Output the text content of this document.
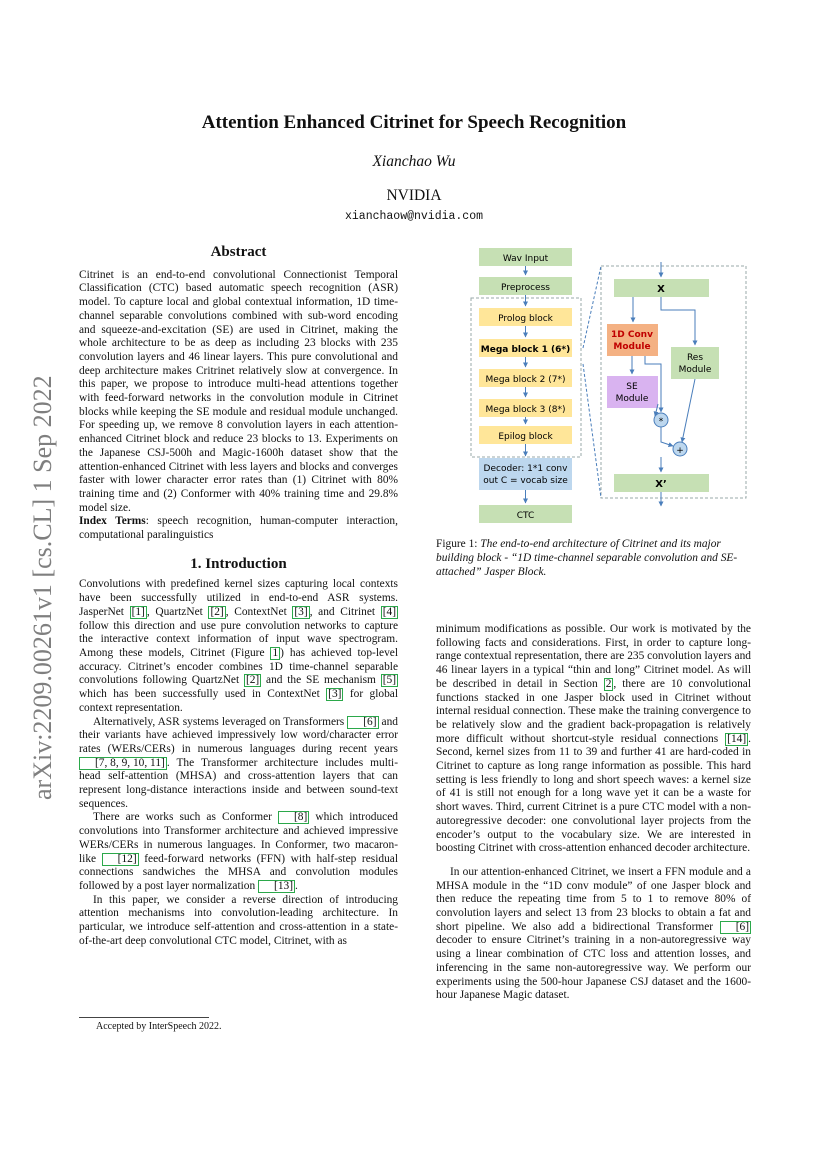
arXiv:2209.00261v1 [cs.CL] 1 Sep 2022
Attention Enhanced Citrinet for Speech Recognition
Xianchao Wu
NVIDIA
xianchaow@nvidia.com
Abstract

Citrinet is an end-to-end convolutional Connectionist Temporal Classification (CTC) based automatic speech recognition (ASR) model. To capture local and global contextual information, 1D time-channel separable convolutions combined with sub-word encoding and squeeze-and-excitation (SE) are used in Citrinet, making the whole architecture to be as deep as including 23 blocks with 235 convolution layers and 46 linear layers. This pure convolutional and deep architecture makes Critrinet relatively slow at convergence. In this paper, we propose to introduce multi-head attentions together with feed-forward networks in the convolution module in Citrinet blocks while keeping the SE module and residual module unchanged. For speeding up, we remove 8 convolution layers in each attention-enhanced Citrinet block and reduce 23 blocks to 13. Experiments on the Japanese CSJ-500h and Magic-1600h dataset show that the attention-enhanced Citrinet with less layers and blocks and converges faster with lower character error rates than (1) Citrinet with 80% training time and (2) Conformer with 40% training time and 29.8% model size.

Index Terms: speech recognition, human-computer interaction, computational paralinguistics

1. Introduction

Convolutions with predefined kernel sizes capturing local contexts have been successfully utilized in end-to-end ASR systems. JasperNet [1] , QuartzNet [2] , ContextNet [3] , and Citrinet [4] follow this direction and use pure convolution networks to capture the interactive context information of input wave spectrogram. Among these models, Citrinet (Figure 1 ) has achieved top-level accuracy. Citrinet’s encoder combines 1D time-channel separable convolutions following QuartzNet [2] and the SE mechanism [5] which has been successfully used in ContextNet [3] for global context representation.

Alternatively, ASR systems leveraged on Transformers [6] and their variants have achieved impressively low word/character error rates (WERs/CERs) in numerous languages during recent years [7, 8, 9, 10, 11] . The Transformer architecture includes multi-head self-attention (MHSA) and cross-attention layers that can represent long-distance interactions inside and between sound-text sequences.

There are works such as Conformer [8] which introduced convolutions into Transformer architecture and achieved impressive WERs/CERs in numerous languages. In Conformer, two macaron-like [12] feed-forward networks (FFN) with half-step residual connections sandwiches the MHSA and convolution modules followed by a post layer normalization [13] .

In this paper, we consider a reverse direction of introducing attention mechanisms into convolution-leading architecture. In particular, we introduce self-attention and cross-attention in a state-of-the-art deep convolutional CTC model, Citrinet, with as

Accepted by InterSpeech 2022.
Wav Input
Preprocess
Prolog block
Mega block 1 (6*)
Mega block 2 (7*)
Mega block 3 (8*)
Epilog block
Decoder: 1*1 conv
out C = vocab size
CTC
X
1D Conv
Module
Res
Module
SE
Module
*
+
X’
Figure 1: The end-to-end architecture of Citrinet and its major building block - “1D time-channel separable convolution and SE-attached” Jasper Block.

minimum modifications as possible. Our work is motivated by the following facts and considerations. First, in order to capture long-range contextual representation, there are 235 convolution layers and 46 linear layers in a typical “thin and long” Citrinet model. As will be described in detail in Section 2 , there are 10 convolutional functions stacked in one Jasper block used in Citrinet without internal residual connection. These make the training convergence to be relatively slow and the gradient back-propagation is relatively more difficult without shortcut-style residual connections [14] . Second, kernel sizes from 11 to 39 and further 41 are hard-coded in Citrinet to capture as long range information as possible. This hard setting is less friendly to long and short speech waves: a kernel size of 41 is still not enough for a long wave yet it can be a waste for short waves. Third, current Citrinet is a pure CTC model with a non-autoregressive decoder: one convolutional layer projects from the encoder’s output to the vocabulary size. We are interested in boosting Citrinet with cross-attention enhanced decoder architecture.

In our attention-enhanced Citrinet, we insert a FFN module and a MHSA module in the “1D conv module” of one Jasper block and then reduce the repeating time from 5 to 1 to remove 80% of convolution layers and select 13 from 23 blocks to obtain a fat and short pipeline. We also add a bidirectional Transformer [6] decoder to ensure Citrinet’s training in a non-autoregressive way using a linear combination of CTC loss and attention losses, and inferencing in the same non-autoregressive way. We perform our experiments using the 500-hour Japanese CSJ dataset and the 1600-hour Japanese Magic dataset.
